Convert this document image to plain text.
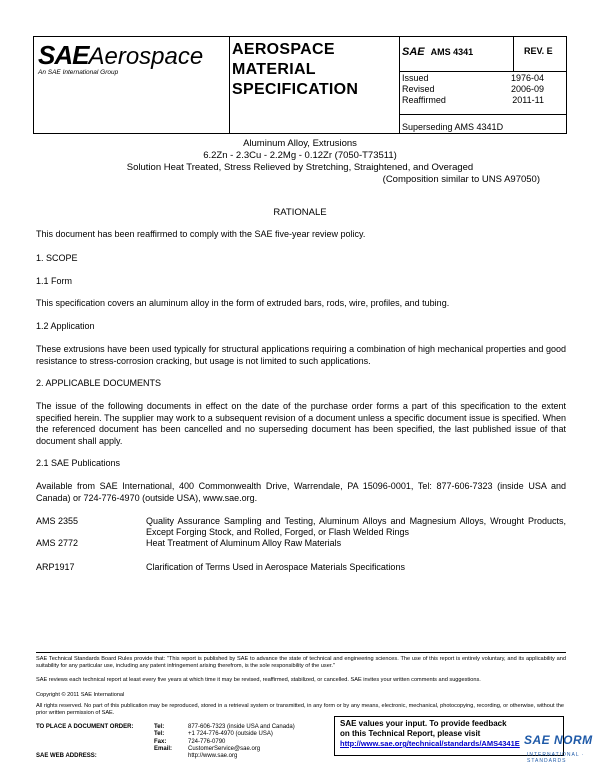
SAEAerospace
An SAE International Group
AEROSPACE
MATERIAL
SPECIFICATION
SAE AMS 4341	REV. E
Issued	1976-04
Revised	2006-09
Reaffirmed	2011-11
Superseding AMS 4341D
Aluminum Alloy, Extrusions
6.2Zn - 2.3Cu - 2.2Mg - 0.12Zr (7050-T73511)
Solution Heat Treated, Stress Relieved by Stretching, Straightened, and Overaged
(Composition similar to UNS A97050)
RATIONALE
This document has been reaffirmed to comply with the SAE five-year review policy.
1. SCOPE
1.1 Form
This specification covers an aluminum alloy in the form of extruded bars, rods, wire, profiles, and tubing.
1.2 Application
These extrusions have been used typically for structural applications requiring a combination of high mechanical properties and good resistance to stress-corrosion cracking, but usage is not limited to such applications.
2. APPLICABLE DOCUMENTS
The issue of the following documents in effect on the date of the purchase order forms a part of this specification to the extent specified herein. The supplier may work to a subsequent revision of a document unless a specific document issue is specified. When the referenced document has been cancelled and no superseding document has been specified, the last published issue of that document shall apply.
2.1 SAE Publications
Available from SAE International, 400 Commonwealth Drive, Warrendale, PA 15096-0001, Tel: 877-606-7323 (inside USA and Canada) or 724-776-4970 (outside USA), www.sae.org.
AMS 2355	Quality Assurance Sampling and Testing, Aluminum Alloys and Magnesium Alloys, Wrought Products, Except Forging Stock, and Rolled, Forged, or Flash Welded Rings
AMS 2772	Heat Treatment of Aluminum Alloy Raw Materials
ARP1917	Clarification of Terms Used in Aerospace Materials Specifications
SAE Technical Standards Board Rules provide that: "This report is published by SAE to advance the state of technical and engineering sciences. The use of this report is entirely voluntary, and its applicability and suitability for any particular use, including any patent infringement arising therefrom, is the sole responsibility of the user."
SAE reviews each technical report at least every five years at which time it may be revised, reaffirmed, stabilized, or cancelled. SAE invites your written comments and suggestions.
Copyright © 2011 SAE International
All rights reserved. No part of this publication may be reproduced, stored in a retrieval system or transmitted, in any form or by any means, electronic, mechanical, photocopying, recording, or otherwise, without the prior written permission of SAE.
TO PLACE A DOCUMENT ORDER:	Tel:	877-606-7323 (inside USA and Canada)
Tel:	+1 724-776-4970 (outside USA)
Fax:	724-776-0790
Email:	CustomerService@sae.org
SAE WEB ADDRESS:	http://www.sae.org
SAE values your input. To provide feedback
on this Technical Report, please visit
http://www.sae.org/technical/standards/AMS4341E SAE NORM
INTERNATIONAL · STANDARDS
